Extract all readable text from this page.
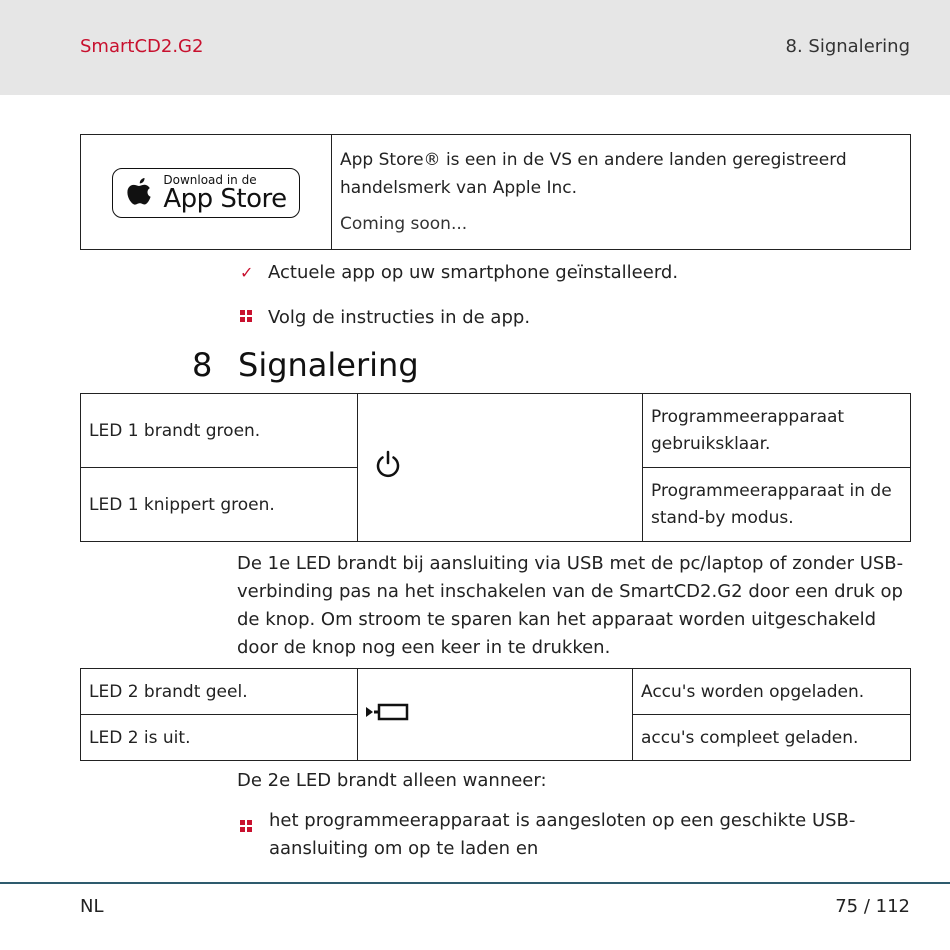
SmartCD2.G2	8. Signalering
Download in de
App Store

App Store® is een in de VS en andere landen geregistreerd handelsmerk van Apple Inc.

Coming soon...

✓ Actuele app op uw smartphone geïnstalleerd.
Volg de instructies in de app.
8 Signalering
LED 1 brandt groen.		Programmeerapparaat gebruiksklaar.
LED 1 knippert groen.		Programmeerapparaat in de stand-by modus.

De 1e LED brandt bij aansluiting via USB met de pc/laptop of zonder USB-verbinding pas na het inschakelen van de SmartCD2.G2 door een druk op de knop. Om stroom te sparen kan het apparaat worden uitgeschakeld door de knop nog een keer in te drukken.

LED 2 brandt geel.		Accu's worden opgeladen.
LED 2 is uit.		accu's compleet geladen.
De 2e LED brandt alleen wanneer:
het programmeerapparaat is aangesloten op een geschikte USB-aansluiting om op te laden en
NL	75 / 112
